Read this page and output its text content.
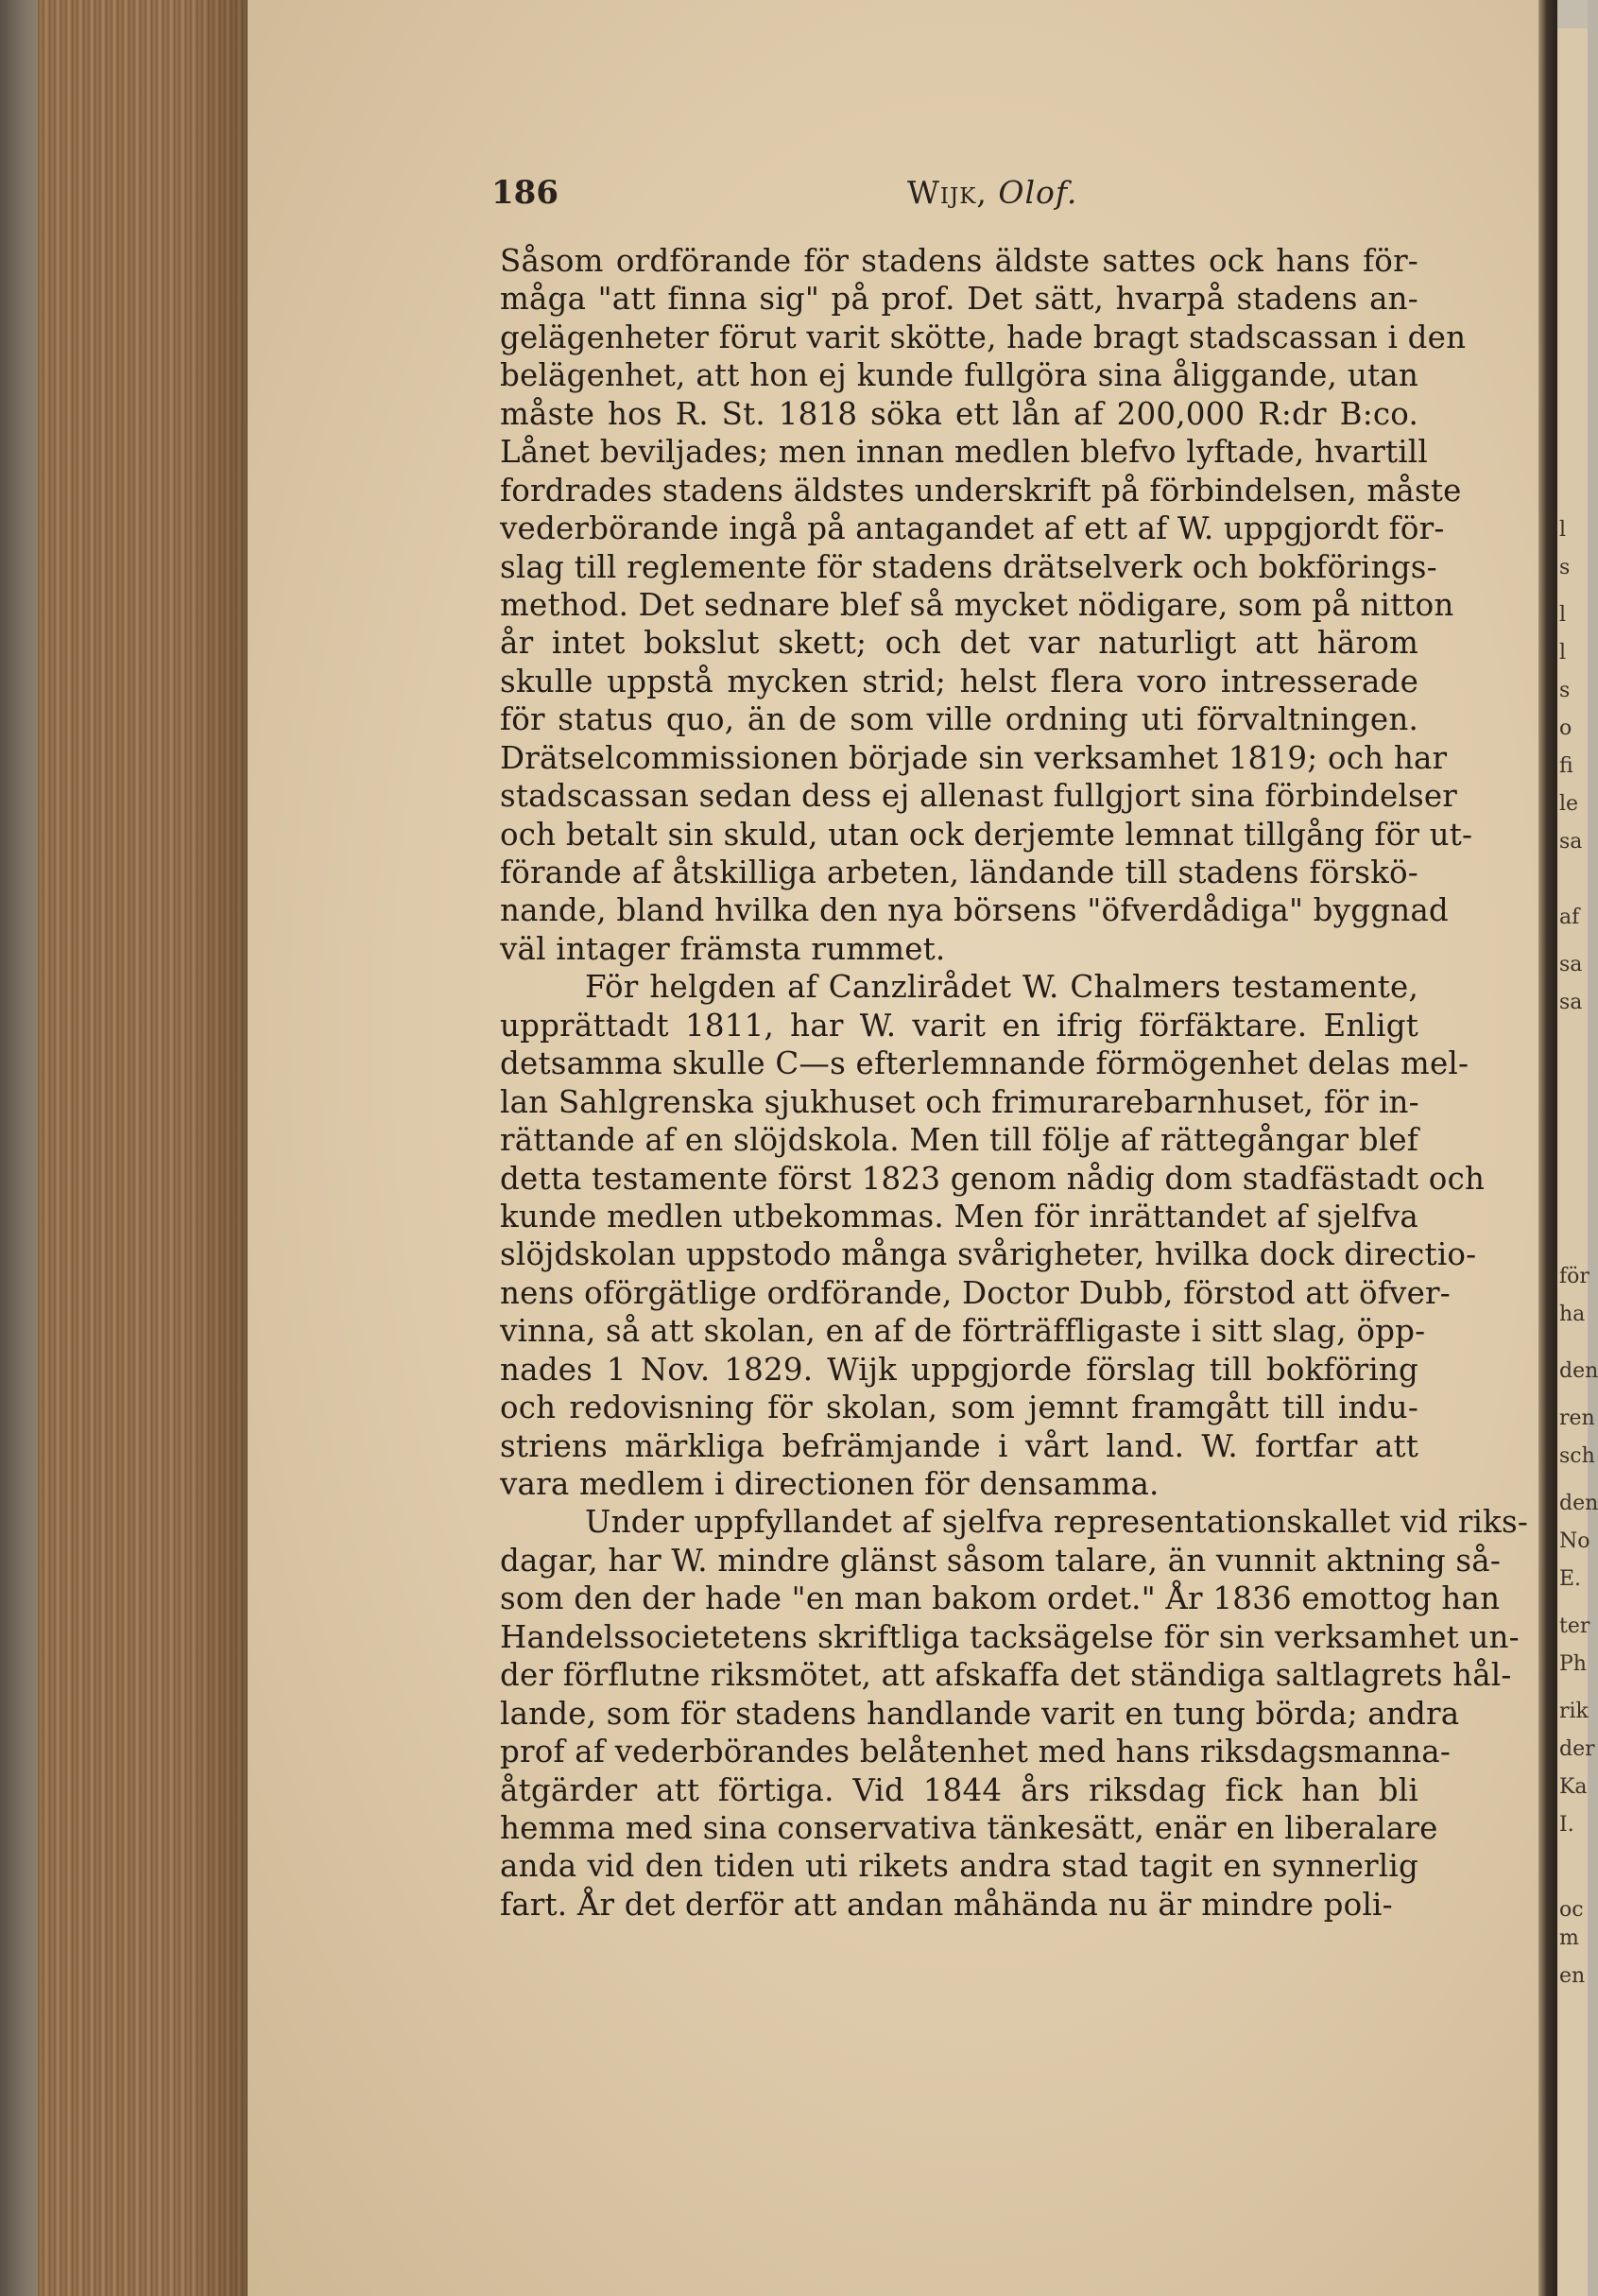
l
s
l
l
s
o
fi
le
sa
af
sa
sa
för
ha
den
ren
sch
den
No
E.
ter
Ph
rik
der
Ka
I.
oc
m
en
186	Wijk, Olof.
Såsom ordförande för stadens äldste sattes ock hans för-
måga "att finna sig" på prof. Det sätt, hvarpå stadens an-
gelägenheter förut varit skötte, hade bragt stadscassan i den
belägenhet, att hon ej kunde fullgöra sina åliggande, utan
måste hos R. St. 1818 söka ett lån af 200,000 R:dr B:co.
Lånet beviljades; men innan medlen blefvo lyftade, hvartill
fordrades stadens äldstes underskrift på förbindelsen, måste
vederbörande ingå på antagandet af ett af W. uppgjordt för-
slag till reglemente för stadens drätselverk och bokförings-
method. Det sednare blef så mycket nödigare, som på nitton
år intet bokslut skett; och det var naturligt att härom
skulle uppstå mycken strid; helst flera voro intresserade
för status quo, än de som ville ordning uti förvaltningen.
Drätselcommissionen började sin verksamhet 1819; och har
stadscassan sedan dess ej allenast fullgjort sina förbindelser
och betalt sin skuld, utan ock derjemte lemnat tillgång för ut-
förande af åtskilliga arbeten, ländande till stadens förskö-
nande, bland hvilka den nya börsens "öfverdådiga" byggnad
väl intager främsta rummet.
För helgden af Canzlirådet W. Chalmers testamente,
upprättadt 1811, har W. varit en ifrig förfäktare. Enligt
detsamma skulle C—s efterlemnande förmögenhet delas mel-
lan Sahlgrenska sjukhuset och frimurarebarnhuset, för in-
rättande af en slöjdskola. Men till följe af rättegångar blef
detta testamente först 1823 genom nådig dom stadfästadt och
kunde medlen utbekommas. Men för inrättandet af sjelfva
slöjdskolan uppstodo många svårigheter, hvilka dock directio-
nens oförgätlige ordförande, Doctor Dubb, förstod att öfver-
vinna, så att skolan, en af de förträffligaste i sitt slag, öpp-
nades 1 Nov. 1829. Wijk uppgjorde förslag till bokföring
och redovisning för skolan, som jemnt framgått till indu-
striens märkliga befrämjande i vårt land. W. fortfar att
vara medlem i directionen för densamma.
Under uppfyllandet af sjelfva representationskallet vid riks-
dagar, har W. mindre glänst såsom talare, än vunnit aktning så-
som den der hade "en man bakom ordet." År 1836 emottog han
Handelssocietetens skriftliga tacksägelse för sin verksamhet un-
der förflutne riksmötet, att afskaffa det ständiga saltlagrets hål-
lande, som för stadens handlande varit en tung börda; andra
prof af vederbörandes belåtenhet med hans riksdagsmanna-
åtgärder att förtiga. Vid 1844 års riksdag fick han bli
hemma med sina conservativa tänkesätt, enär en liberalare
anda vid den tiden uti rikets andra stad tagit en synnerlig
fart. År det derför att andan måhända nu är mindre poli-
